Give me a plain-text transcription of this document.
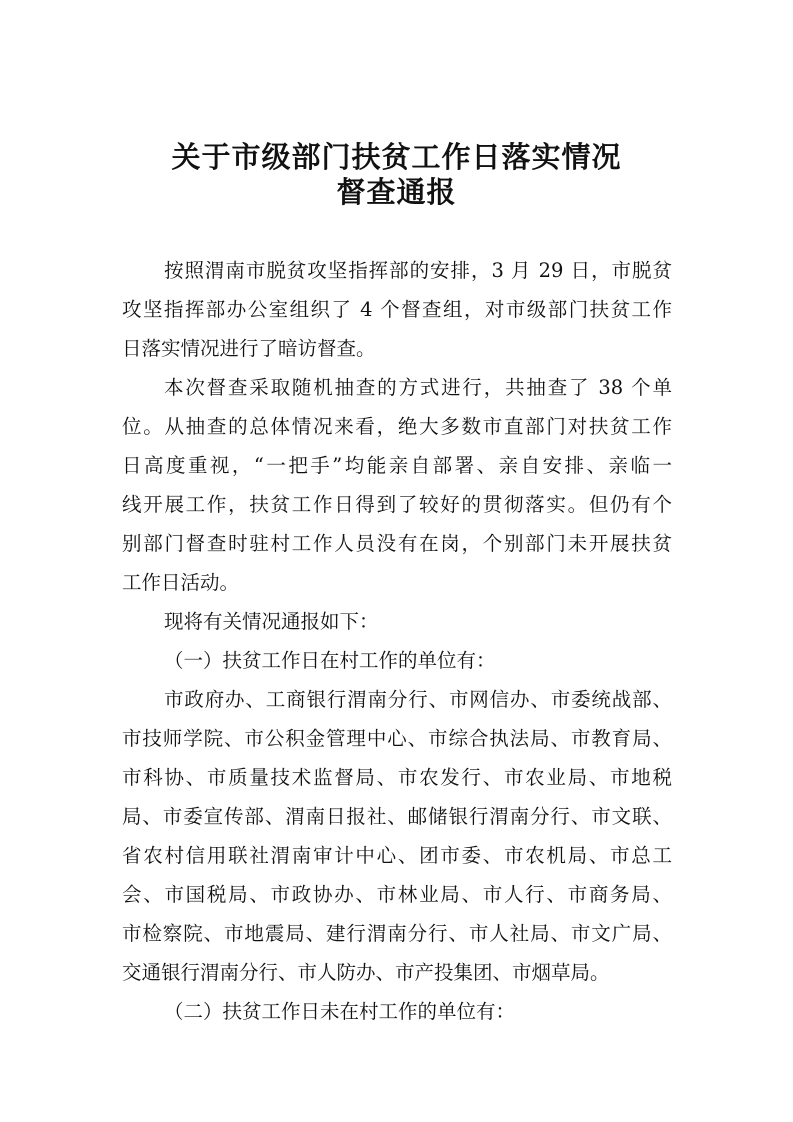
关于市级部门扶贫工作日落实情况
督查通报
按照渭南市脱贫攻坚指挥部的安排，3 月 29 日，市脱贫
攻坚指挥部办公室组织了 4 个督查组，对市级部门扶贫工作
日落实情况进行了暗访督查。
本次督查采取随机抽查的方式进行，共抽查了 38 个单
位。从抽查的总体情况来看，绝大多数市直部门对扶贫工作
日高度重视，“一把手”均能亲自部署、亲自安排、亲临一
线开展工作，扶贫工作日得到了较好的贯彻落实。但仍有个
别部门督查时驻村工作人员没有在岗，个别部门未开展扶贫
工作日活动。
现将有关情况通报如下：
（一）扶贫工作日在村工作的单位有：
市政府办、工商银行渭南分行、市网信办、市委统战部、
市技师学院、市公积金管理中心、市综合执法局、市教育局、
市科协、市质量技术监督局、市农发行、市农业局、市地税
局、市委宣传部、渭南日报社、邮储银行渭南分行、市文联、
省农村信用联社渭南审计中心、团市委、市农机局、市总工
会、市国税局、市政协办、市林业局、市人行、市商务局、
市检察院、市地震局、建行渭南分行、市人社局、市文广局、
交通银行渭南分行、市人防办、市产投集团、市烟草局。
（二）扶贫工作日未在村工作的单位有：
